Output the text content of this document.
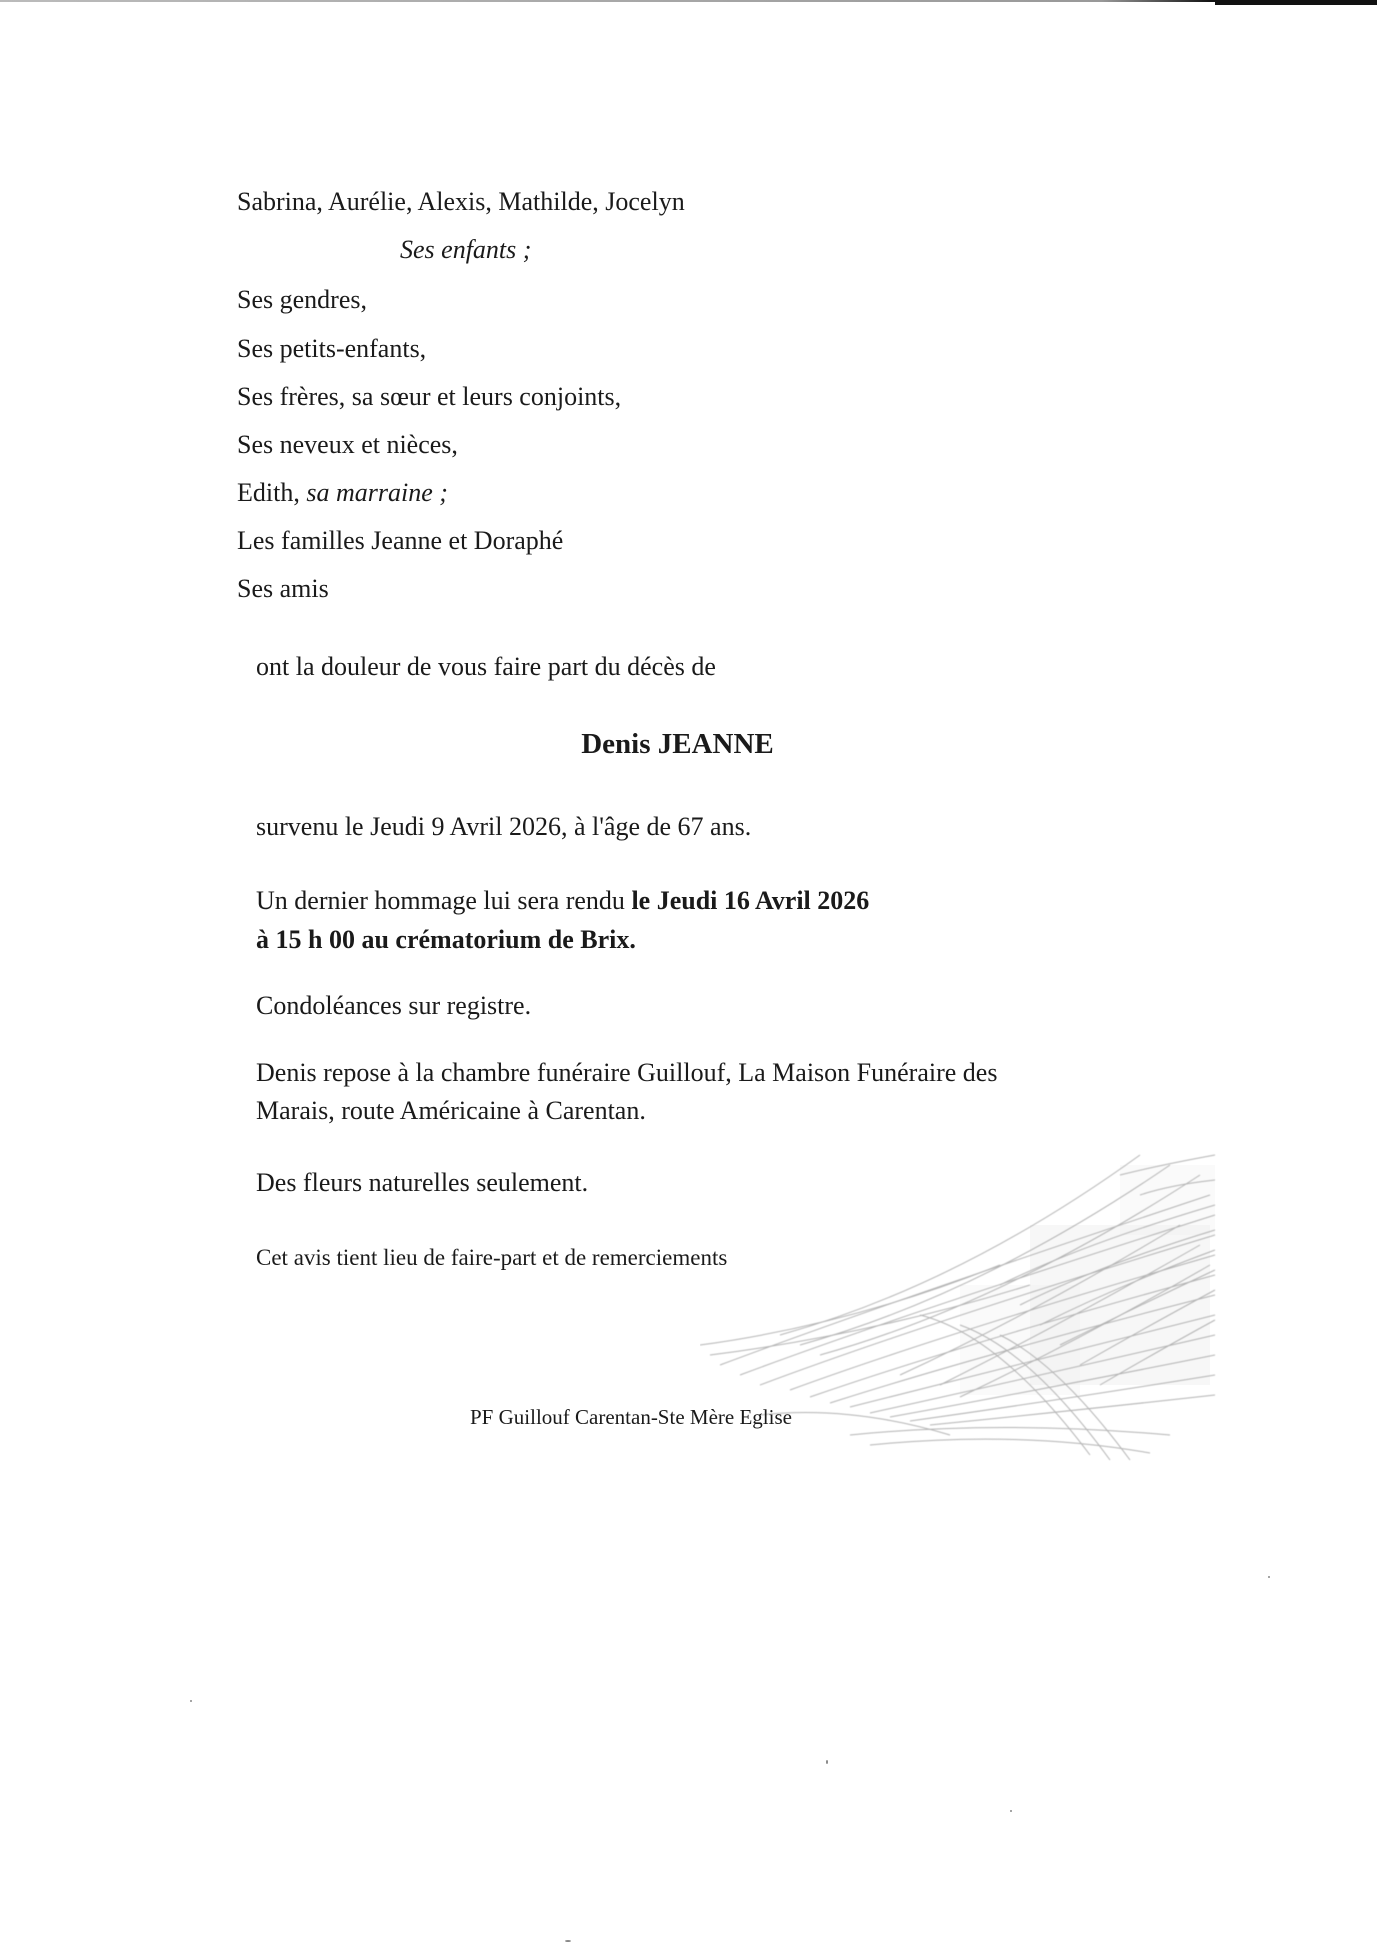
Sabrina, Aurélie, Alexis, Mathilde, Jocelyn
Ses enfants ;
Ses gendres,
Ses petits-enfants,
Ses frères, sa sœur et leurs conjoints,
Ses neveux et nièces,
Edith, sa marraine ;
Les familles Jeanne et Doraphé
Ses amis
ont la douleur de vous faire part du décès de
Denis JEANNE
survenu le Jeudi 9 Avril 2026, à l'âge de 67 ans.
Un dernier hommage lui sera rendu le Jeudi 16 Avril 2026
à 15 h 00 au crématorium de Brix.
Condoléances sur registre.
Denis repose à la chambre funéraire Guillouf, La Maison Funéraire des
Marais, route Américaine à Carentan.
Des fleurs naturelles seulement.
Cet avis tient lieu de faire-part et de remerciements
PF Guillouf Carentan-Ste Mère Eglise
